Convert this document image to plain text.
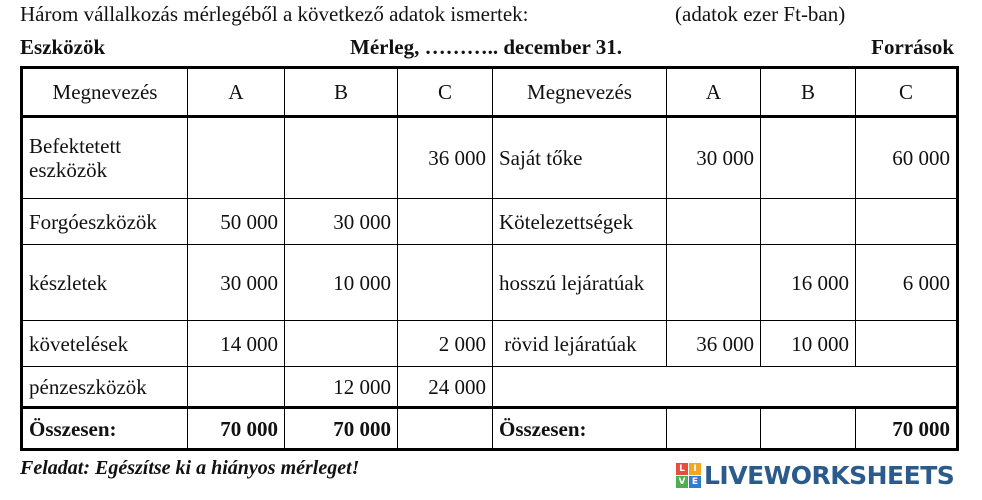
Három vállalkozás mérlegéből a következő adatok ismertek:	(adatok ezer Ft-ban)
Eszközök	Mérleg, ……….. december 31.	Források
Megnevezés	A	B	C	Megnevezés	A	B	C
Befektetett eszközök			36 000	Saját tőke	30 000		60 000
Forgóeszközök	50 000	30 000		Kötelezettségek			
készletek	30 000	10 000		hosszú lejáratúak		16 000	6 000
követelések	14 000		2 000	rövid lejáratúak	36 000	10 000	
pénzeszközök		12 000	24 000				
Összesen:	70 000	70 000		Összesen:			70 000
Feladat: Egészítse ki a hiányos mérleget!	L I
V E LIVEWORKSHEETS
